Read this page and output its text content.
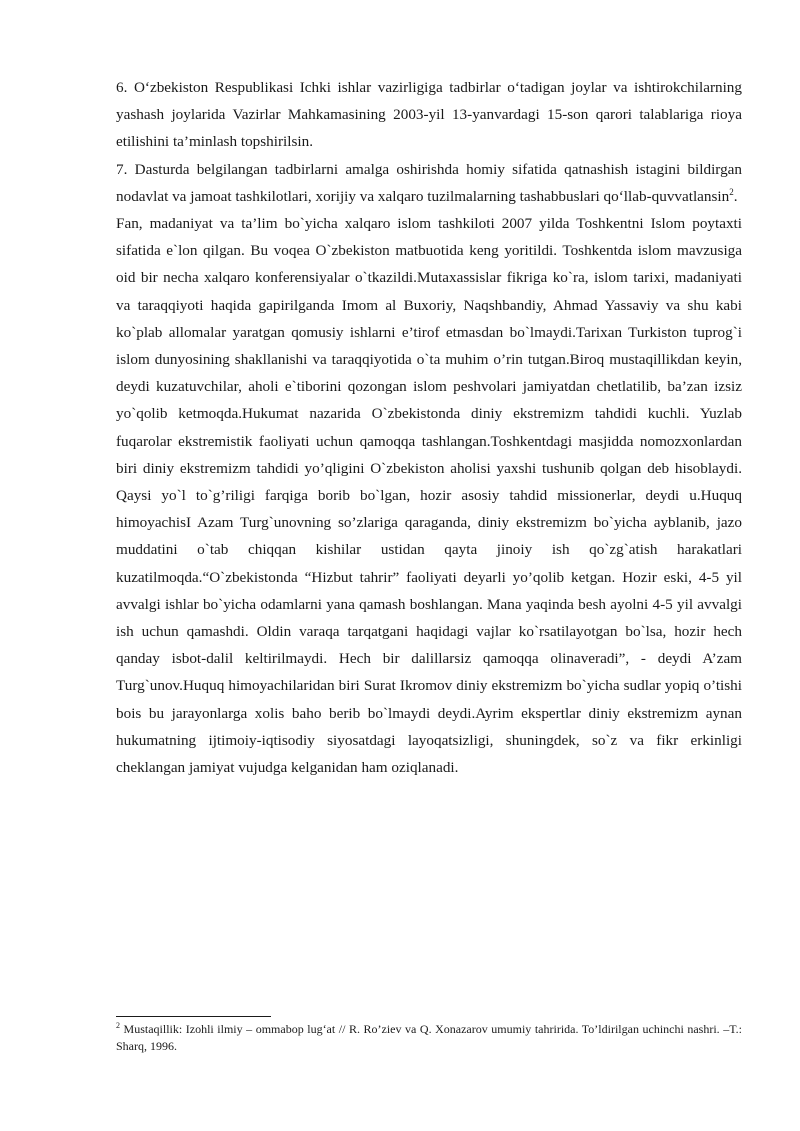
6. O‘zbekiston Respublikasi Ichki ishlar vazirligiga tadbirlar o‘tadigan joylar va ishtirokchilarning yashash joylarida Vazirlar Mahkamasining 2003-yil 13-yanvardagi 15-son qarori talablariga rioya etilishini ta’minlash topshirilsin.

7. Dasturda belgilangan tadbirlarni amalga oshirishda homiy sifatida qatnashish istagini bildirgan nodavlat va jamoat tashkilotlari, xorijiy va xalqaro tuzilmalarning tashabbuslari qo‘llab-quvvatlansin$^2$.

Fan, madaniyat va ta’lim bo`yicha xalqaro islom tashkiloti 2007 yilda Toshkentni Islom poytaxti sifatida e`lon qilgan. Bu voqea O`zbekiston matbuotida keng yoritildi. Toshkentda islom mavzusiga oid bir necha xalqaro konferensiyalar o`tkazildi.Mutaxassislar fikriga ko`ra, islom tarixi, madaniyati va taraqqiyoti haqida gapirilganda Imom al Buxoriy, Naqshbandiy, Ahmad Yassaviy va shu kabi ko`plab allomalar yaratgan qomusiy ishlarni e’tirof etmasdan bo`lmaydi.Tarixan Turkiston tuprog`i islom dunyosining shakllanishi va taraqqiyotida o`ta muhim o’rin tutgan.Biroq mustaqillikdan keyin, deydi kuzatuvchilar, aholi e`tiborini qozongan islom peshvolari jamiyatdan chetlatilib, ba’zan izsiz yo`qolib ketmoqda.Hukumat nazarida O`zbekistonda diniy ekstremizm tahdidi kuchli. Yuzlab fuqarolar ekstremistik faoliyati uchun qamoqqa tashlangan.Toshkentdagi masjidda nomozxonlardan biri diniy ekstremizm tahdidi yo’qligini O`zbekiston aholisi yaxshi tushunib qolgan deb hisoblaydi. Qaysi yo`l to`g’riligi farqiga borib bo`lgan, hozir asosiy tahdid missionerlar, deydi u.Huquq himoyachisI Azam Turg`unovning so’zlariga qaraganda, diniy ekstremizm bo`yicha ayblanib, jazo muddatini o`tab chiqqan kishilar ustidan qayta jinoiy ish qo`zg`atish harakatlari kuzatilmoqda.“O`zbekistonda “Hizbut tahrir” faoliyati deyarli yo’qolib ketgan. Hozir eski, 4-5 yil avvalgi ishlar bo`yicha odamlarni yana qamash boshlangan. Mana yaqinda besh ayolni 4-5 yil avvalgi ish uchun qamashdi. Oldin varaqa tarqatgani haqidagi vajlar ko`rsatilayotgan bo`lsa, hozir hech qanday isbot-dalil keltirilmaydi. Hech bir dalillarsiz qamoqqa olinaveradi”, - deydi A’zam Turg`unov.Huquq himoyachilaridan biri Surat Ikromov diniy ekstremizm bo`yicha sudlar yopiq o’tishi bois bu jarayonlarga xolis baho berib bo`lmaydi deydi.Ayrim ekspertlar diniy ekstremizm aynan hukumatning ijtimoiy-iqtisodiy siyosatdagi layoqatsizligi, shuningdek, so`z va fikr erkinligi cheklangan jamiyat vujudga kelganidan ham oziqlanadi.

$^2$ Mustaqillik: Izohli ilmiy – ommabop lug‘at // R. Ro’ziev va Q. Xonazarov umumiy tahririda. To’ldirilgan uchinchi nashri. –T.: Sharq, 1996.
